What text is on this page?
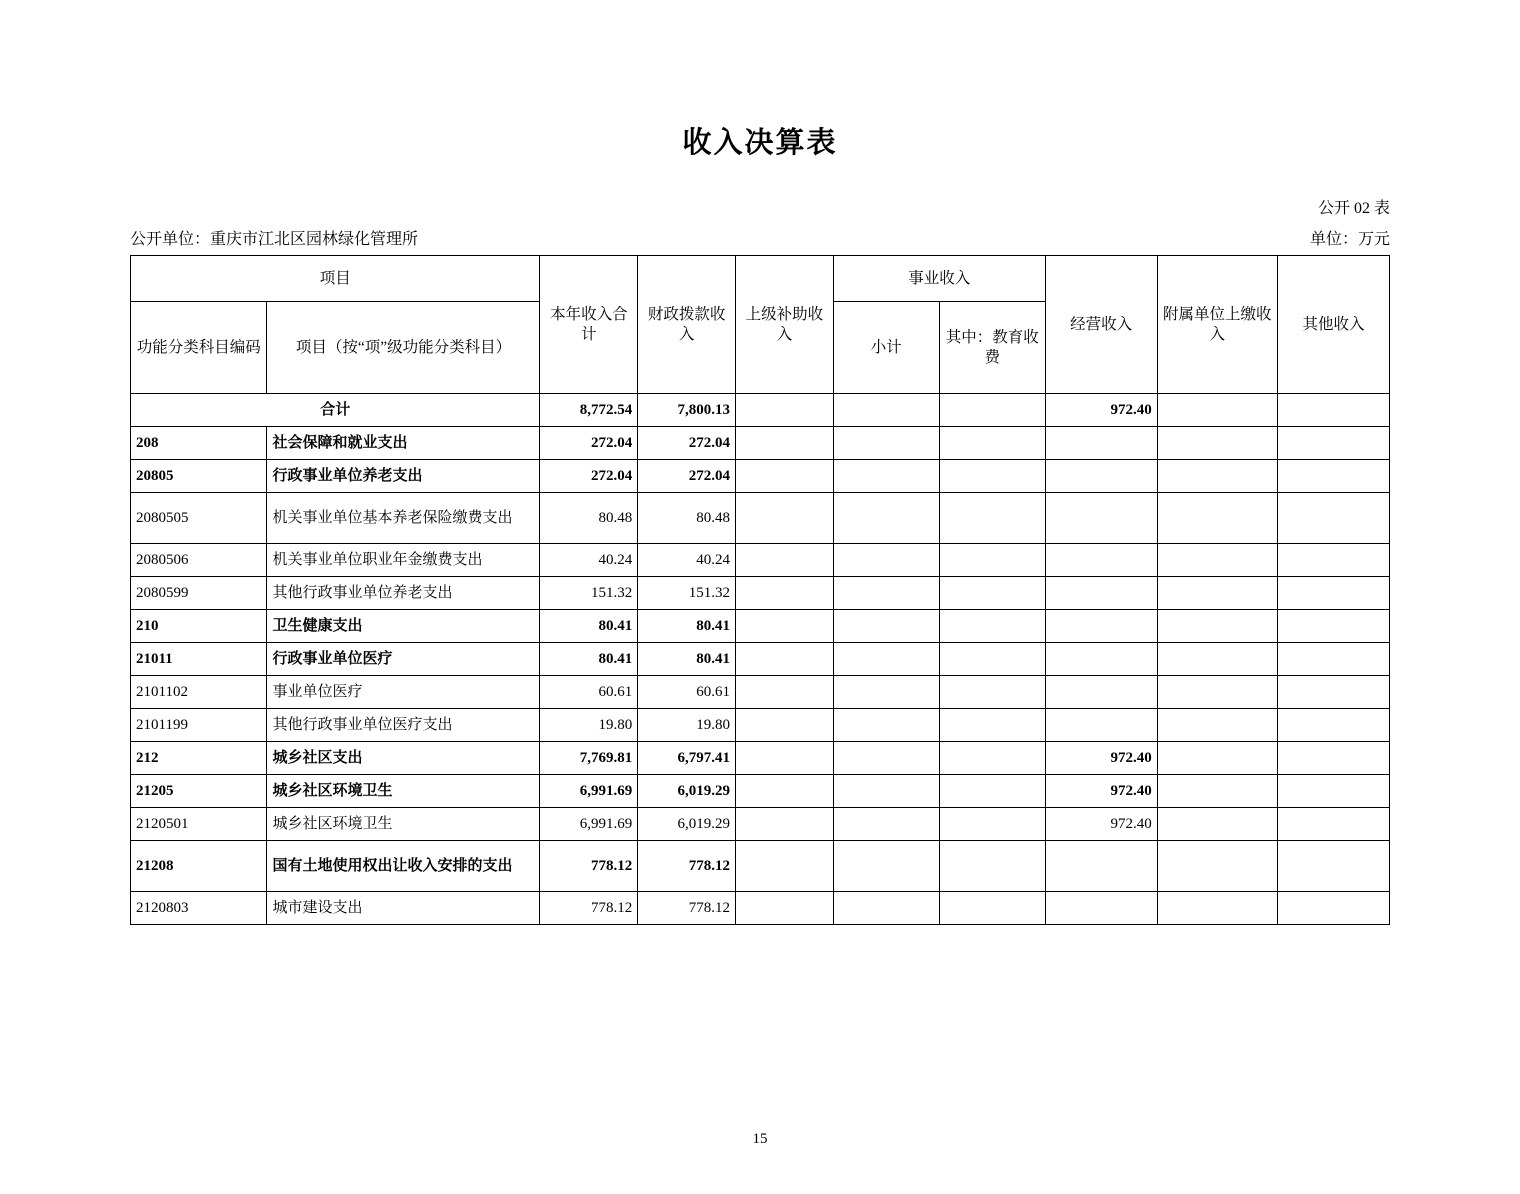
收入决算表
公开 02 表
公开单位：重庆市江北区园林绿化管理所	单位：万元
项目		本年收入合计	财政拨款收入	上级补助收入	事业收入		经营收入	附属单位上缴收入	其他收入
功能分类科目编码	项目（按“项”级功能分类科目）				小计	其中：教育收费			
合计		8,772.54	7,800.13				972.40		
208	社会保障和就业支出	272.04	272.04						
20805	行政事业单位养老支出	272.04	272.04						
2080505	机关事业单位基本养老保险缴费支出	80.48	80.48						
2080506	机关事业单位职业年金缴费支出	40.24	40.24						
2080599	其他行政事业单位养老支出	151.32	151.32						
210	卫生健康支出	80.41	80.41						
21011	行政事业单位医疗	80.41	80.41						
2101102	事业单位医疗	60.61	60.61						
2101199	其他行政事业单位医疗支出	19.80	19.80						
212	城乡社区支出	7,769.81	6,797.41				972.40		
21205	城乡社区环境卫生	6,991.69	6,019.29				972.40		
2120501	城乡社区环境卫生	6,991.69	6,019.29				972.40		
21208	国有土地使用权出让收入安排的支出	778.12	778.12						
2120803	城市建设支出	778.12	778.12						
15
